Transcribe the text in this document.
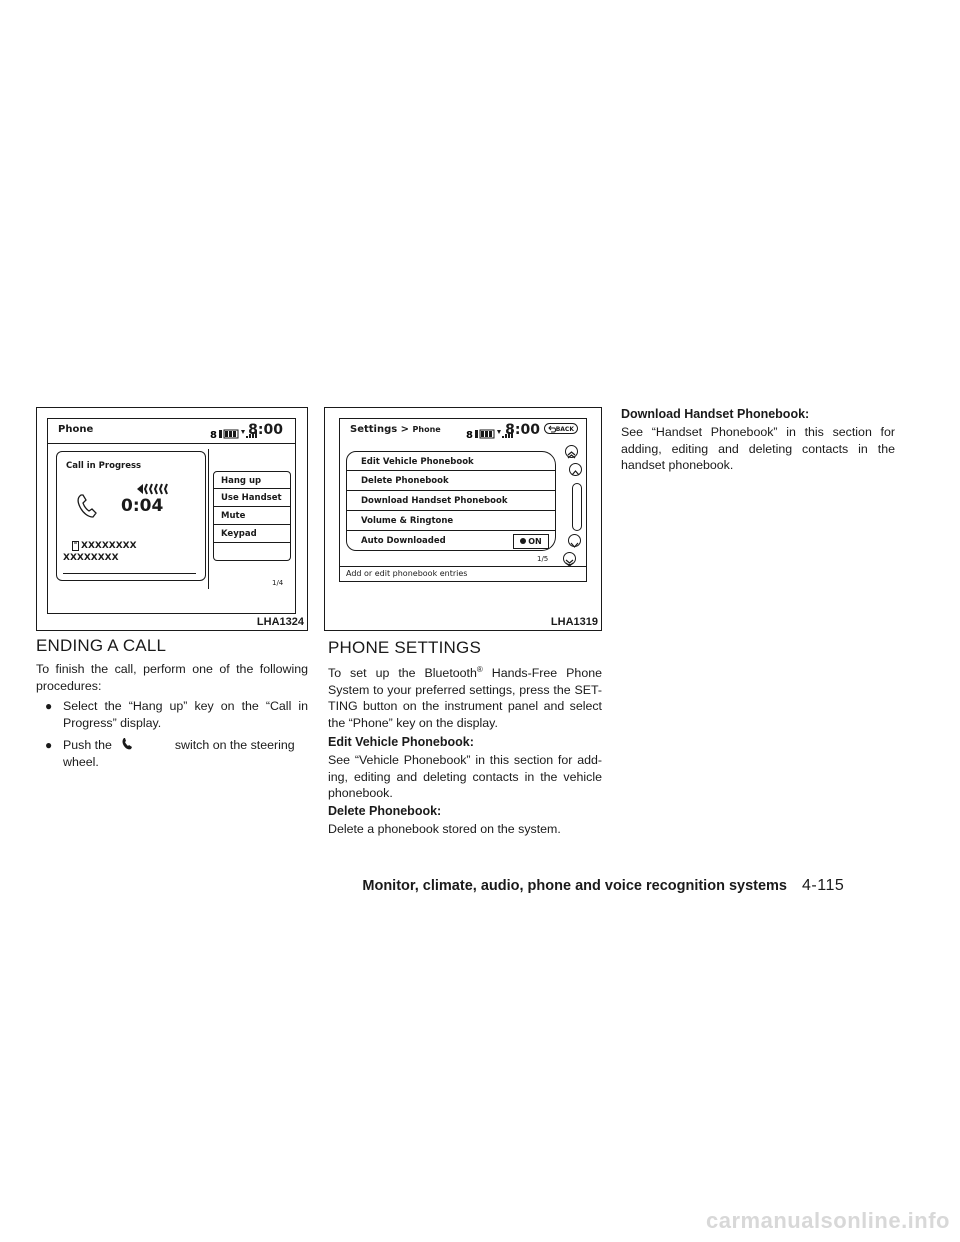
Phone
8 8:00
Call in Progress
0:04
XXXXXXXX
XXXXXXXX
Hang up
Use Handset
Mute
Keypad
1/4
LHA1324
Settings > Phone
8 8:00	BACK
Edit Vehicle Phonebook
Delete Phonebook
Download Handset Phonebook
Volume & Ringtone
Auto Downloaded	ON
1/5
Add or edit phonebook entries
LHA1319
ENDING A CALL
To finish the call, perform one of the following procedures:
● Select the “Hang up” key on the “Call in Progress” display.
● Push the	switch on the steering wheel.
PHONE SETTINGS
To set up the Bluetooth® Hands-Free Phone System to your preferred settings, press the SET-TING button on the instrument panel and select the “Phone” key on the display.
Edit Vehicle Phonebook:
See “Vehicle Phonebook” in this section for add-ing, editing and deleting contacts in the vehicle phonebook.
Delete Phonebook:
Delete a phonebook stored on the system.
Download Handset Phonebook:
See “Handset Phonebook” in this section for adding, editing and deleting contacts in the handset phonebook.
Monitor, climate, audio, phone and voice recognition systems 4-115
carmanualsonline.info
